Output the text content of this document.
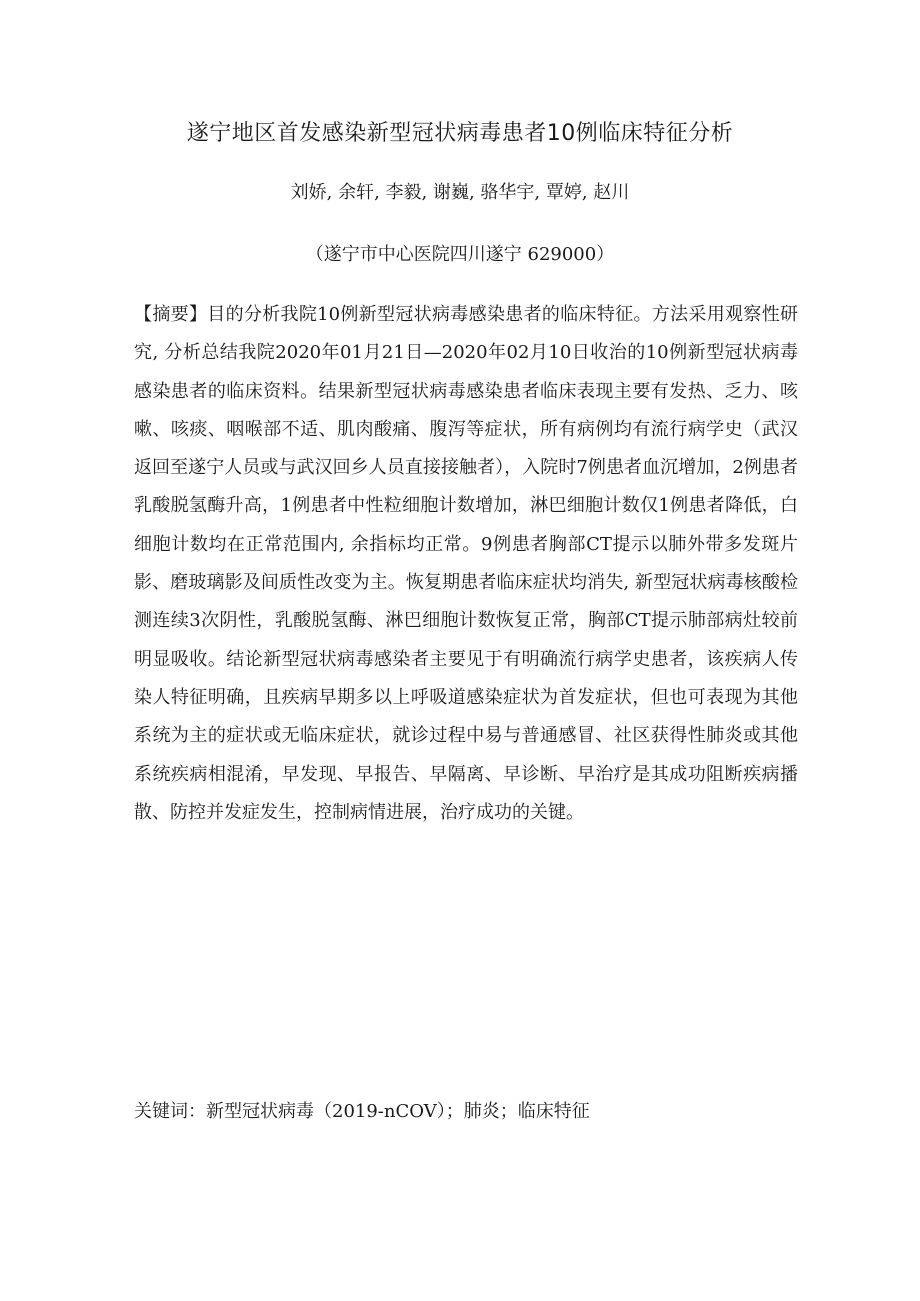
遂宁地区首发感染新型冠状病毒患者10例临床特征分析
刘娇, 余轩, 李毅, 谢巍, 骆华宇, 覃婷, 赵川
（遂宁市中心医院四川遂宁 629000）

【摘要】目的分析我院10例新型冠状病毒感染患者的临床特征。方法采用观察性研究, 分析总结我院2020年01月21日—2020年02月10日收治的10例新型冠状病毒感染患者的临床资料。结果新型冠状病毒感染患者临床表现主要有发热、乏力、咳嗽、咳痰、咽喉部不适、肌肉酸痛、腹泻等症状，所有病例均有流行病学史（武汉返回至遂宁人员或与武汉回乡人员直接接触者），入院时7例患者血沉增加，2例患者乳酸脱氢酶升高，1例患者中性粒细胞计数增加，淋巴细胞计数仅1例患者降低，白细胞计数均在正常范围内, 余指标均正常。9例患者胸部CT提示以肺外带多发斑片影、磨玻璃影及间质性改变为主。恢复期患者临床症状均消失, 新型冠状病毒核酸检测连续3次阴性，乳酸脱氢酶、淋巴细胞计数恢复正常，胸部CT提示肺部病灶较前明显吸收。结论新型冠状病毒感染者主要见于有明确流行病学史患者，该疾病人传染人特征明确，且疾病早期多以上呼吸道感染症状为首发症状，但也可表现为其他系统为主的症状或无临床症状，就诊过程中易与普通感冒、社区获得性肺炎或其他系统疾病相混淆，早发现、早报告、早隔离、早诊断、早治疗是其成功阻断疾病播散、防控并发症发生，控制病情进展，治疗成功的关键。

关键词：新型冠状病毒（2019-nCOV）；肺炎；临床特征
